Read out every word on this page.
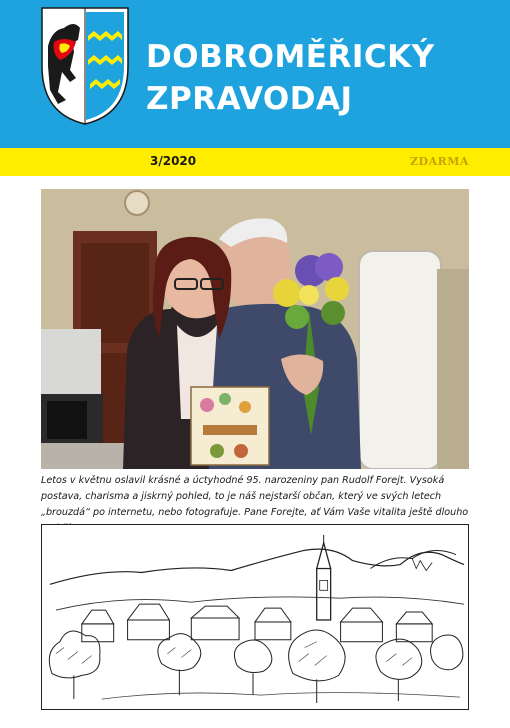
DOBROMĚŘICKÝ
ZPRAVODAJ
3/2020	ZDARMA

Letos v květnu oslavil krásné a úctyhodné 95. narozeniny pan Rudolf Forejt. Vysoká postava, charisma a jiskrný pohled, to je náš nejstarší občan, který ve svých letech „brouzdá“ po internetu, nebo fotografuje. Pane Forejte, ať Vám Vaše vitalita ještě dlouho vydrží!
